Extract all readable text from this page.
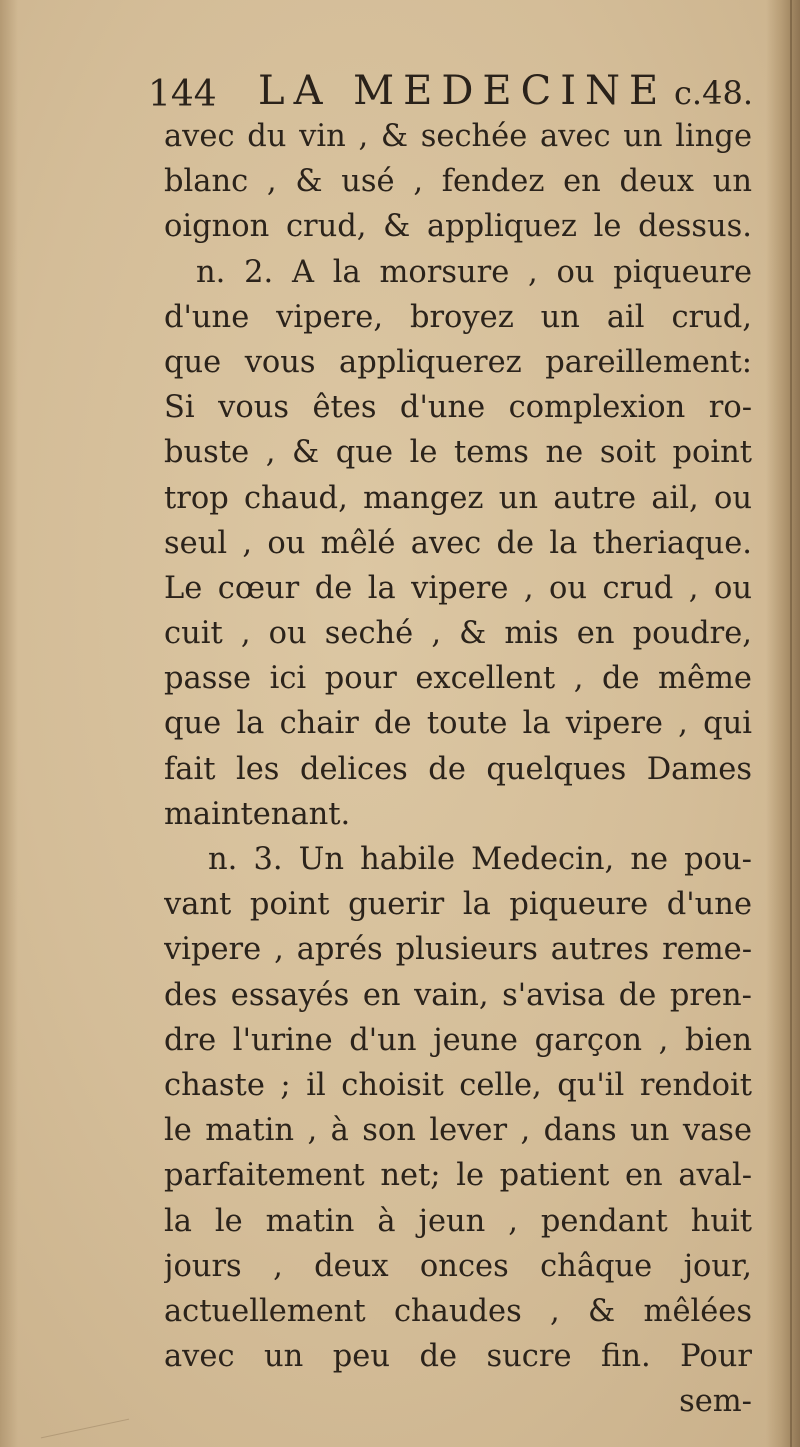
144 LA MEDECINE c.48.
avec du vin , & sechée avec un linge
blanc , & usé , fendez en deux un
oignon crud, & appliquez le dessus.
n. 2. A la morsure , ou piqueure
d'une vipere, broyez un ail crud,
que vous appliquerez pareillement:
Si vous êtes d'une complexion ro-
buste , & que le tems ne soit point
trop chaud, mangez un autre ail, ou
seul , ou mêlé avec de la theriaque.
Le cœur de la vipere , ou crud , ou
cuit , ou seché , & mis en poudre,
passe ici pour excellent , de même
que la chair de toute la vipere , qui
fait les delices de quelques Dames
maintenant.
n. 3. Un habile Medecin, ne pou-
vant point guerir la piqueure d'une
vipere , aprés plusieurs autres reme-
des essayés en vain, s'avisa de pren-
dre l'urine d'un jeune garçon , bien
chaste ; il choisit celle, qu'il rendoit
le matin , à son lever , dans un vase
parfaitement net; le patient en aval-
la le matin à jeun , pendant huit
jours , deux onces châque jour,
actuellement chaudes , & mêlées
avec un peu de sucre fin. Pour
sem-
